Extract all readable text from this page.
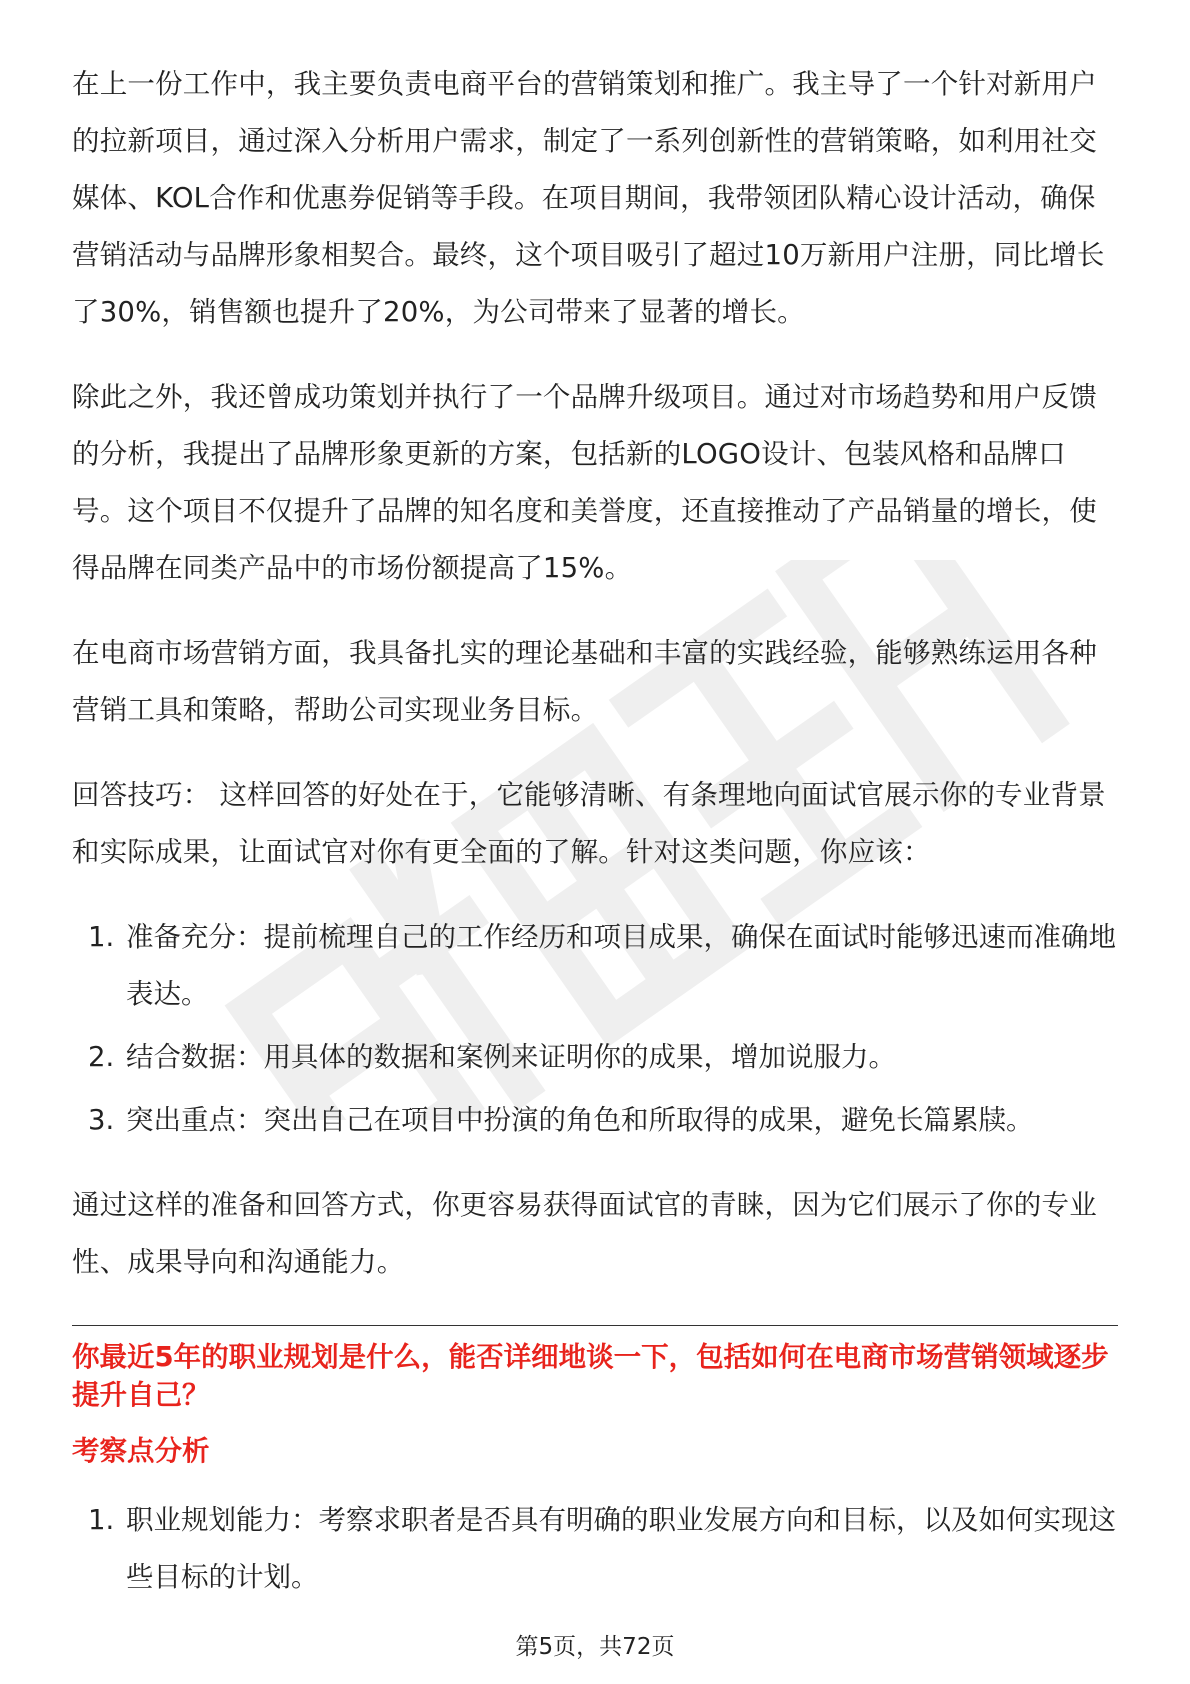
在上一份工作中，我主要负责电商平台的营销策划和推广。我主导了一个针对新用户的拉新项目，通过深入分析用户需求，制定了一系列创新性的营销策略，如利用社交媒体、KOL合作和优惠券促销等手段。在项目期间，我带领团队精心设计活动，确保营销活动与品牌形象相契合。最终，这个项目吸引了超过10万新用户注册，同比增长了30%，销售额也提升了20%，为公司带来了显著的增长。

除此之外，我还曾成功策划并执行了一个品牌升级项目。通过对市场趋势和用户反馈的分析，我提出了品牌形象更新的方案，包括新的LOGO设计、包装风格和品牌口号。这个项目不仅提升了品牌的知名度和美誉度，还直接推动了产品销量的增长，使得品牌在同类产品中的市场份额提高了15%。

在电商市场营销方面，我具备扎实的理论基础和丰富的实践经验，能够熟练运用各种营销工具和策略，帮助公司实现业务目标。

回答技巧： 这样回答的好处在于，它能够清晰、有条理地向面试官展示你的专业背景和实际成果，让面试官对你有更全面的了解。针对这类问题，你应该：

1. 准备充分：提前梳理自己的工作经历和项目成果，确保在面试时能够迅速而准确地表达。
2. 结合数据：用具体的数据和案例来证明你的成果，增加说服力。
3. 突出重点：突出自己在项目中扮演的角色和所取得的成果，避免长篇累牍。

通过这样的准备和回答方式，你更容易获得面试官的青睐，因为它们展示了你的专业性、成果导向和沟通能力。

你最近5年的职业规划是什么，能否详细地谈一下，包括如何在电商市场营销领域逐步提升自己？
考察点分析
1. 职业规划能力：考察求职者是否具有明确的职业发展方向和目标，以及如何实现这些目标的计划。
第5页，共72页
